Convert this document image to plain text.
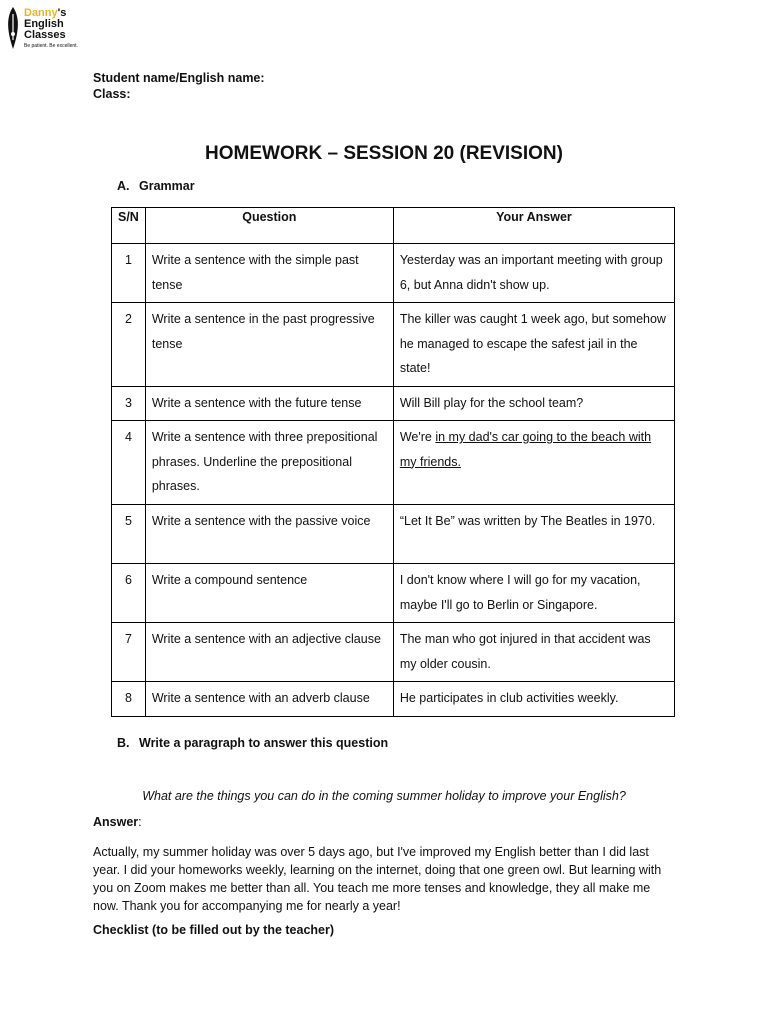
Danny's
English
Classes
Be patient. Be excellent.
Student name/English name:
Class:
HOMEWORK – SESSION 20 (REVISION)
A. Grammar
S/N	Question	Your Answer
1	Write a sentence with the simple past tense	Yesterday was an important meeting with group 6, but Anna didn't show up.
2	Write a sentence in the past progressive tense	The killer was caught 1 week ago, but somehow he managed to escape the safest jail in the state!
3	Write a sentence with the future tense	Will Bill play for the school team?
4	Write a sentence with three prepositional phrases. Underline the prepositional phrases.	We're in my dad's car going to the beach with my friends.
5	Write a sentence with the passive voice	“Let It Be” was written by The Beatles in 1970.
6	Write a compound sentence	I don't know where I will go for my vacation, maybe I'll go to Berlin or Singapore.
7	Write a sentence with an adjective clause	The man who got injured in that accident was my older cousin.
8	Write a sentence with an adverb clause	He participates in club activities weekly.
B. Write a paragraph to answer this question
What are the things you can do in the coming summer holiday to improve your English?
Answer:
Actually, my summer holiday was over 5 days ago, but I've improved my English better than I did last year. I did your homeworks weekly, learning on the internet, doing that one green owl. But learning with you on Zoom makes me better than all. You teach me more tenses and knowledge, they all make me now. Thank you for accompanying me for nearly a year!
Checklist (to be filled out by the teacher)
